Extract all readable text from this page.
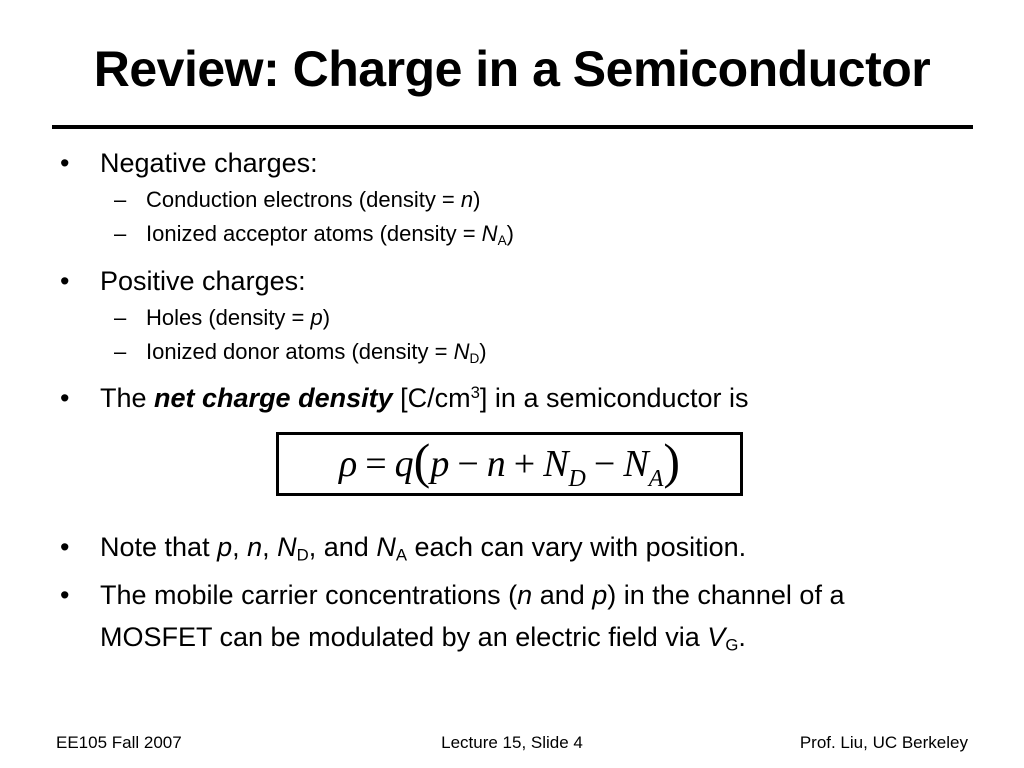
Review: Charge in a Semiconductor
• Negative charges:
– Conduction electrons (density = n)
– Ionized acceptor atoms (density = $N_A$)
• Positive charges:
– Holes (density = p)
– Ionized donor atoms (density = $N_D$)
• The net charge density $[C/cm^3]$ in a semiconductor is
ρ = q ( $p - n + N_D - N_A$ )
• Note that p, n, $N_D$, and $N_A$ each can vary with position.
• The mobile carrier concentrations (n and p) in the channel of a MOSFET can be modulated by an electric field via $V_G$.
EE105 Fall 2007	Lecture 15, Slide 4	Prof. Liu, UC Berkeley
